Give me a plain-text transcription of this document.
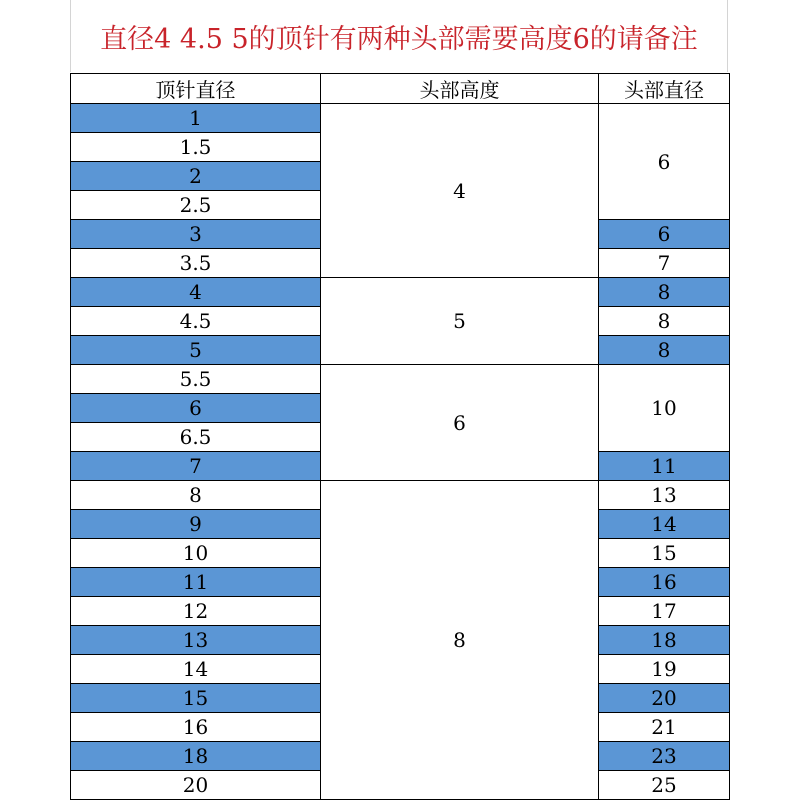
直径4 4.5 5的顶针有两种头部需要高度6的请备注
顶针直径	头部高度	头部直径
1	4	6
1.5		
2		
2.5		
3		6
3.5		7
4	5	8
4.5		8
5		8
5.5	6	10
6		
6.5		
7		11
8	8	13
9		14
10		15
11		16
12		17
13		18
14		19
15		20
16		21
18		23
20		25
